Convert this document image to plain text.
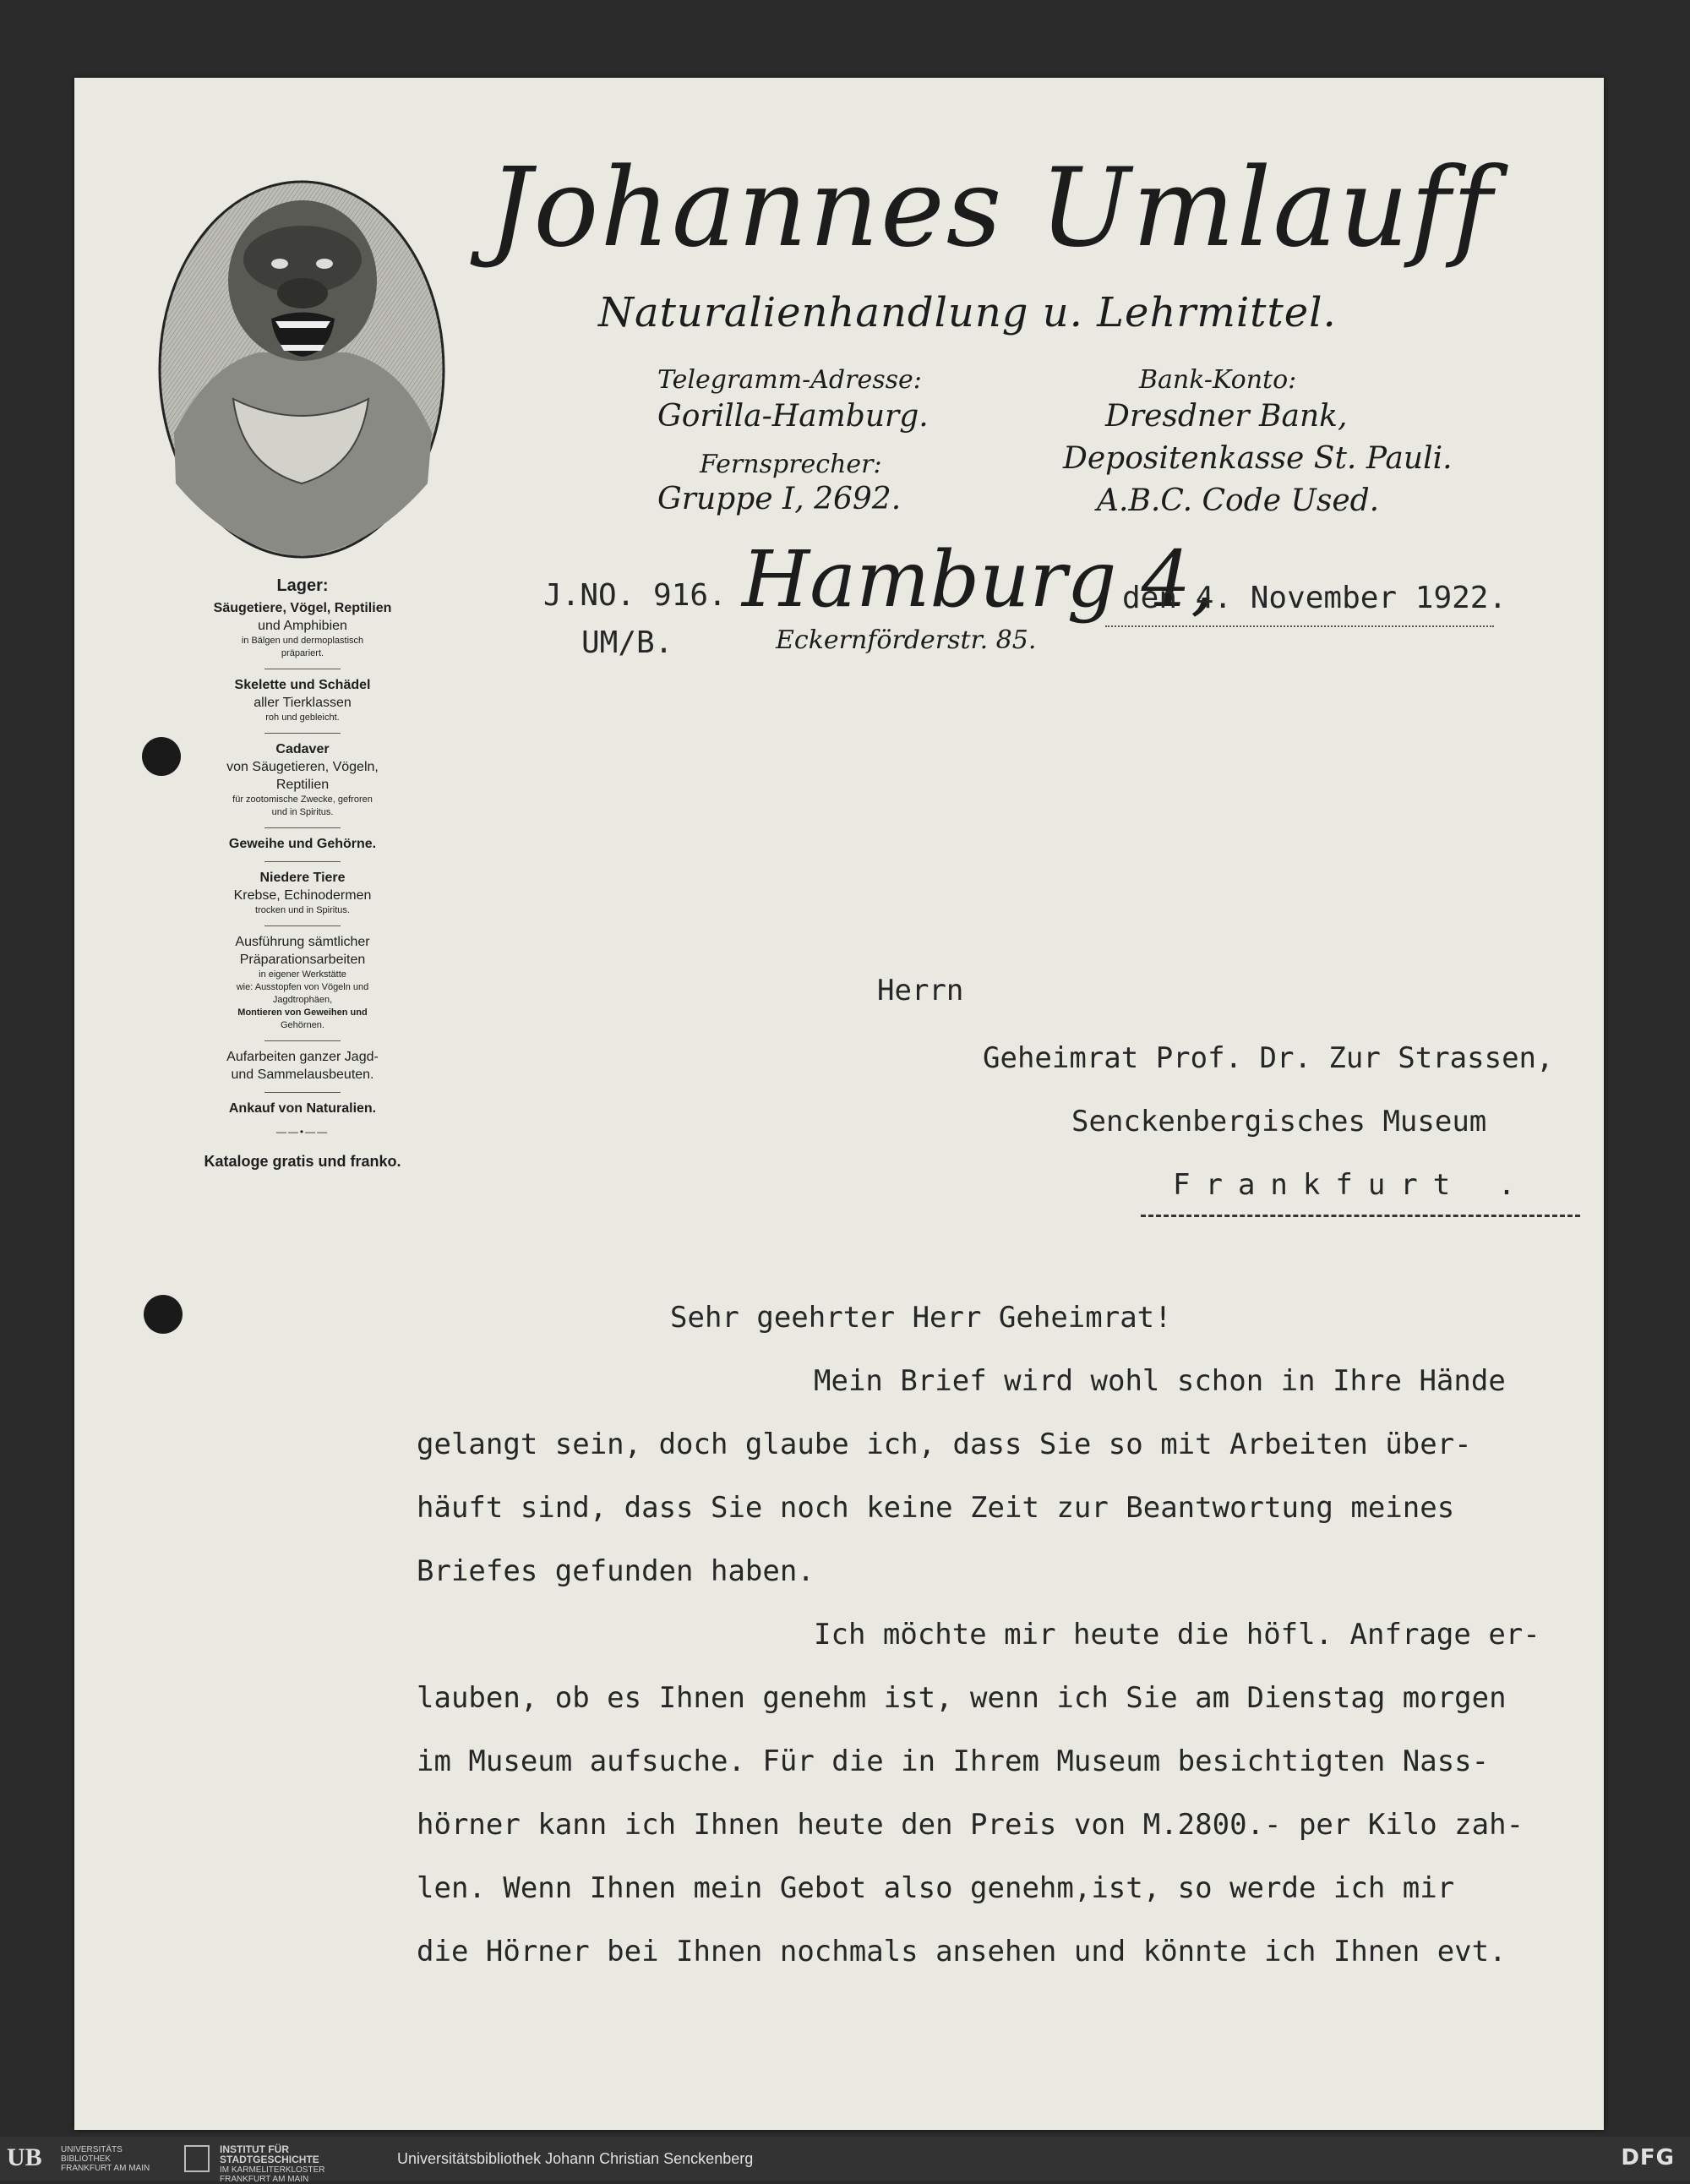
Johannes Umlauff
Naturalienhandlung u. Lehrmittel.
Telegramm-Adresse:
Gorilla-Hamburg.
Fernsprecher:
Gruppe I, 2692.
Bank-Konto:
Dresdner Bank,
Depositenkasse St. Pauli.
A.B.C. Code Used.
J.NO. 916.
UM/B.
Hamburg 4,
Eckernförderstr. 85.
den 4. November 1922.
Lager:
Säugetiere, Vögel, Reptilien
und Amphibien
in Bälgen und dermoplastisch
präpariert.
Skelette und Schädel
aller Tierklassen
roh und gebleicht.
Cadaver
von Säugetieren, Vögeln,
Reptilien
für zootomische Zwecke, gefroren
und in Spiritus.
Geweihe und Gehörne.
Niedere Tiere
Krebse, Echinodermen
trocken und in Spiritus.
Ausführung sämtlicher
Präparationsarbeiten
in eigener Werkstätte
wie: Ausstopfen von Vögeln und
Jagdtrophäen,
Montieren von Geweihen und
Gehörnen.
Aufarbeiten ganzer Jagd-
und Sammelausbeuten.
Ankauf von Naturalien.
——•——
Kataloge gratis und franko.
Herrn
Geheimrat Prof. Dr. Zur Strassen,
Senckenbergisches Museum
Frankfurt .

Sehr geehrter Herr Geheimrat!

Mein Brief wird wohl schon in Ihre Hände

gelangt sein, doch glaube ich, dass Sie so mit Arbeiten über-

häuft sind, dass Sie noch keine Zeit zur Beantwortung meines

Briefes gefunden haben.

Ich möchte mir heute die höfl. Anfrage er-

lauben, ob es Ihnen genehm ist, wenn ich Sie am Dienstag morgen

im Museum aufsuche. Für die in Ihrem Museum besichtigten Nass-

hörner kann ich Ihnen heute den Preis von M.2800.- per Kilo zah-

len. Wenn Ihnen mein Gebot also genehm,ist, so werde ich mir

die Hörner bei Ihnen nochmals ansehen und könnte ich Ihnen evt.

UB UNIVERSITÄTS
BIBLIOTHEK
FRANKFURT AM MAIN
INSTITUT FÜR
STADTGESCHICHTE
IM KARMELITERKLOSTER
FRANKFURT AM MAIN
Universitätsbibliothek Johann Christian Senckenberg	DFG
